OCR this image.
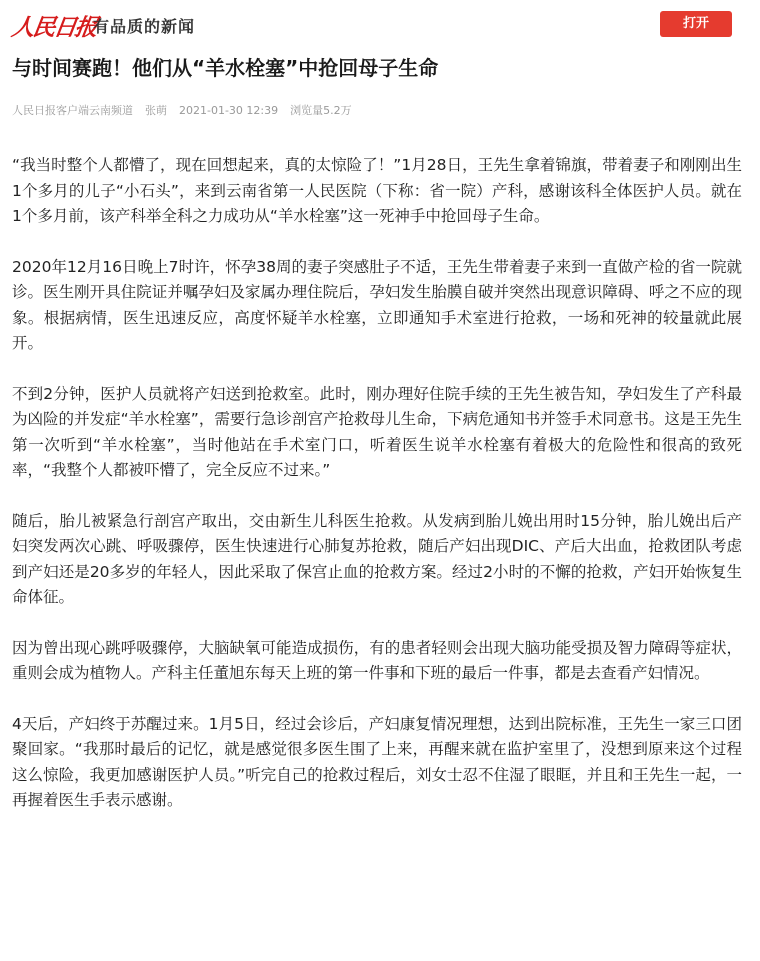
人民日报
有品质的新闻	打开
与时间赛跑！他们从“羊水栓塞”中抢回母子生命
人民日报客户端云南频道 张萌 2021-01-30 12:39 浏览量5.2万

“我当时整个人都懵了，现在回想起来，真的太惊险了！”1月28日，王先生拿着锦旗，带着妻子和刚刚出生1个多月的儿子“小石头”，来到云南省第一人民医院（下称：省一院）产科，感谢该科全体医护人员。就在1个多月前，该产科举全科之力成功从“羊水栓塞”这一死神手中抢回母子生命。

2020年12月16日晚上7时许，怀孕38周的妻子突感肚子不适，王先生带着妻子来到一直做产检的省一院就诊。医生刚开具住院证并嘱孕妇及家属办理住院后，孕妇发生胎膜自破并突然出现意识障碍、呼之不应的现象。根据病情，医生迅速反应，高度怀疑羊水栓塞，立即通知手术室进行抢救，一场和死神的较量就此展开。

不到2分钟，医护人员就将产妇送到抢救室。此时，刚办理好住院手续的王先生被告知，孕妇发生了产科最为凶险的并发症“羊水栓塞”，需要行急诊剖宫产抢救母儿生命，下病危通知书并签手术同意书。这是王先生第一次听到“羊水栓塞”，当时他站在手术室门口，听着医生说羊水栓塞有着极大的危险性和很高的致死率，“我整个人都被吓懵了，完全反应不过来。”

随后，胎儿被紧急行剖宫产取出，交由新生儿科医生抢救。从发病到胎儿娩出用时15分钟，胎儿娩出后产妇突发两次心跳、呼吸骤停，医生快速进行心肺复苏抢救，随后产妇出现DIC、产后大出血，抢救团队考虑到产妇还是20多岁的年轻人，因此采取了保宫止血的抢救方案。经过2小时的不懈的抢救，产妇开始恢复生命体征。

因为曾出现心跳呼吸骤停，大脑缺氧可能造成损伤，有的患者轻则会出现大脑功能受损及智力障碍等症状，重则会成为植物人。产科主任董旭东每天上班的第一件事和下班的最后一件事，都是去查看产妇情况。

4天后，产妇终于苏醒过来。1月5日，经过会诊后，产妇康复情况理想，达到出院标准，王先生一家三口团聚回家。“我那时最后的记忆，就是感觉很多医生围了上来，再醒来就在监护室里了，没想到原来这个过程这么惊险，我更加感谢医护人员。”听完自己的抢救过程后，刘女士忍不住湿了眼眶，并且和王先生一起，一再握着医生手表示感谢。
